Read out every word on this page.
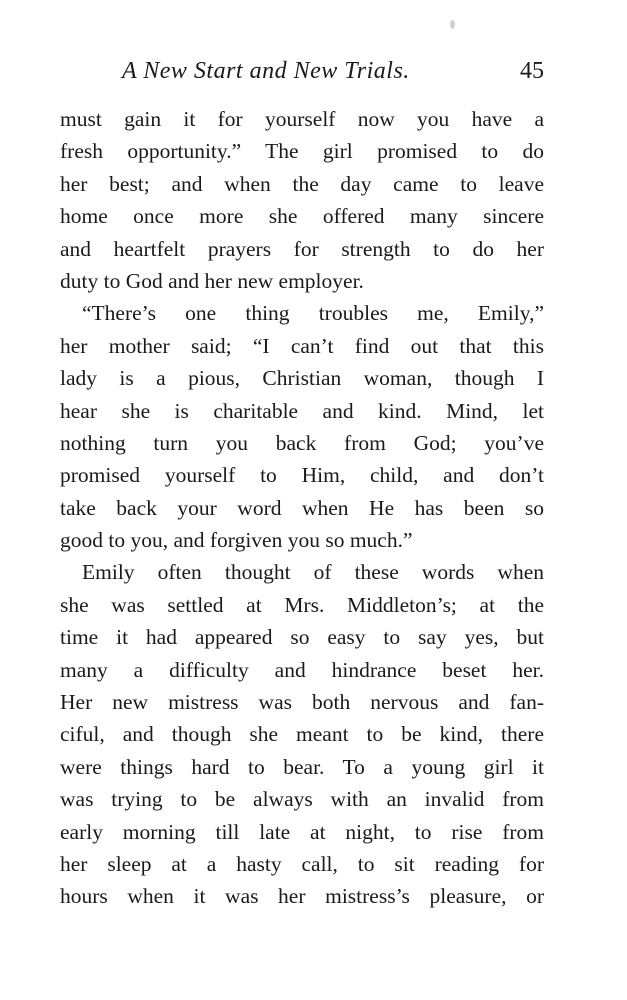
A New Start and New Trials.	45
must gain it for yourself now you have a
fresh opportunity.” The girl promised to do
her best; and when the day came to leave
home once more she offered many sincere
and heartfelt prayers for strength to do her
duty to God and her new employer.
“There’s one thing troubles me, Emily,”
her mother said; “I can’t find out that this
lady is a pious, Christian woman, though I
hear she is charitable and kind. Mind, let
nothing turn you back from God; you’ve
promised yourself to Him, child, and don’t
take back your word when He has been so
good to you, and forgiven you so much.”
Emily often thought of these words when
she was settled at Mrs. Middleton’s; at the
time it had appeared so easy to say yes, but
many a difficulty and hindrance beset her.
Her new mistress was both nervous and fan-
ciful, and though she meant to be kind, there
were things hard to bear. To a young girl it
was trying to be always with an invalid from
early morning till late at night, to rise from
her sleep at a hasty call, to sit reading for
hours when it was her mistress’s pleasure, or
